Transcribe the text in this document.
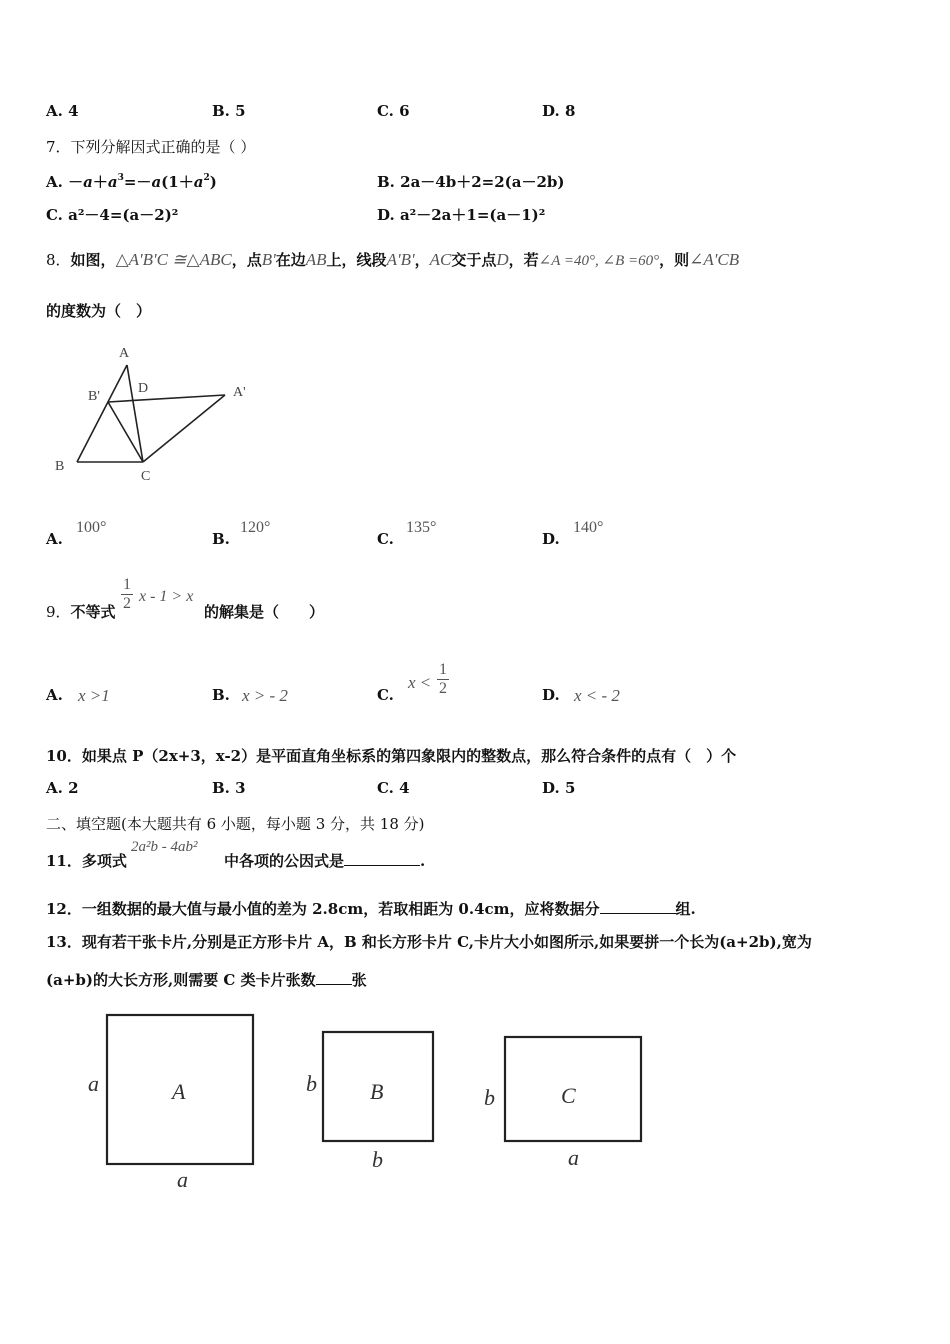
A. 4	B. 5	C. 6	D. 8
7．下列分解因式正确的是（ ）
A. $-a+a^3=-a(1+a^2)$	B. 2a－4b＋2=2(a－2b)
C. a²－4=(a－2)²	D. a²－2a＋1=(a－1)²
8．如图，△A'B'C ≅△ABC，点B'在边AB上，线段A'B'，AC交于点D，若∠A =40°, ∠B =60°，则∠A'CB
的度数为（　）
A
B'
D	A'
B
C
A.
100°
B.
120°
C.
135°
D.
140°
9．不等式 $\frac{1}{2}$ x - 1 > x
的解集是（　　）
A. x >1	B. x > - 2	C.
$x < \frac{1}{2}$	D. x < - 2
10．如果点 P（2x+3，x-2）是平面直角坐标系的第四象限内的整数点，那么符合条件的点有（　）个
A. 2	B. 3	C. 4	D. 5
二、填空题(本大题共有 6 小题，每小题 3 分，共 18 分)
11．多项式
2a²b - 4ab²
中各项的公因式是	.
12．一组数据的最大值与最小值的差为 2.8cm，若取相距为 0.4cm，应将数据分	组.
13．现有若干张卡片,分别是正方形卡片 A，B 和长方形卡片 C,卡片大小如图所示,如果要拼一个长为(a+2b),宽为
(a+b)的大长方形,则需要 C 类卡片张数 张
A
a
a
B
b
b
C
b
a
